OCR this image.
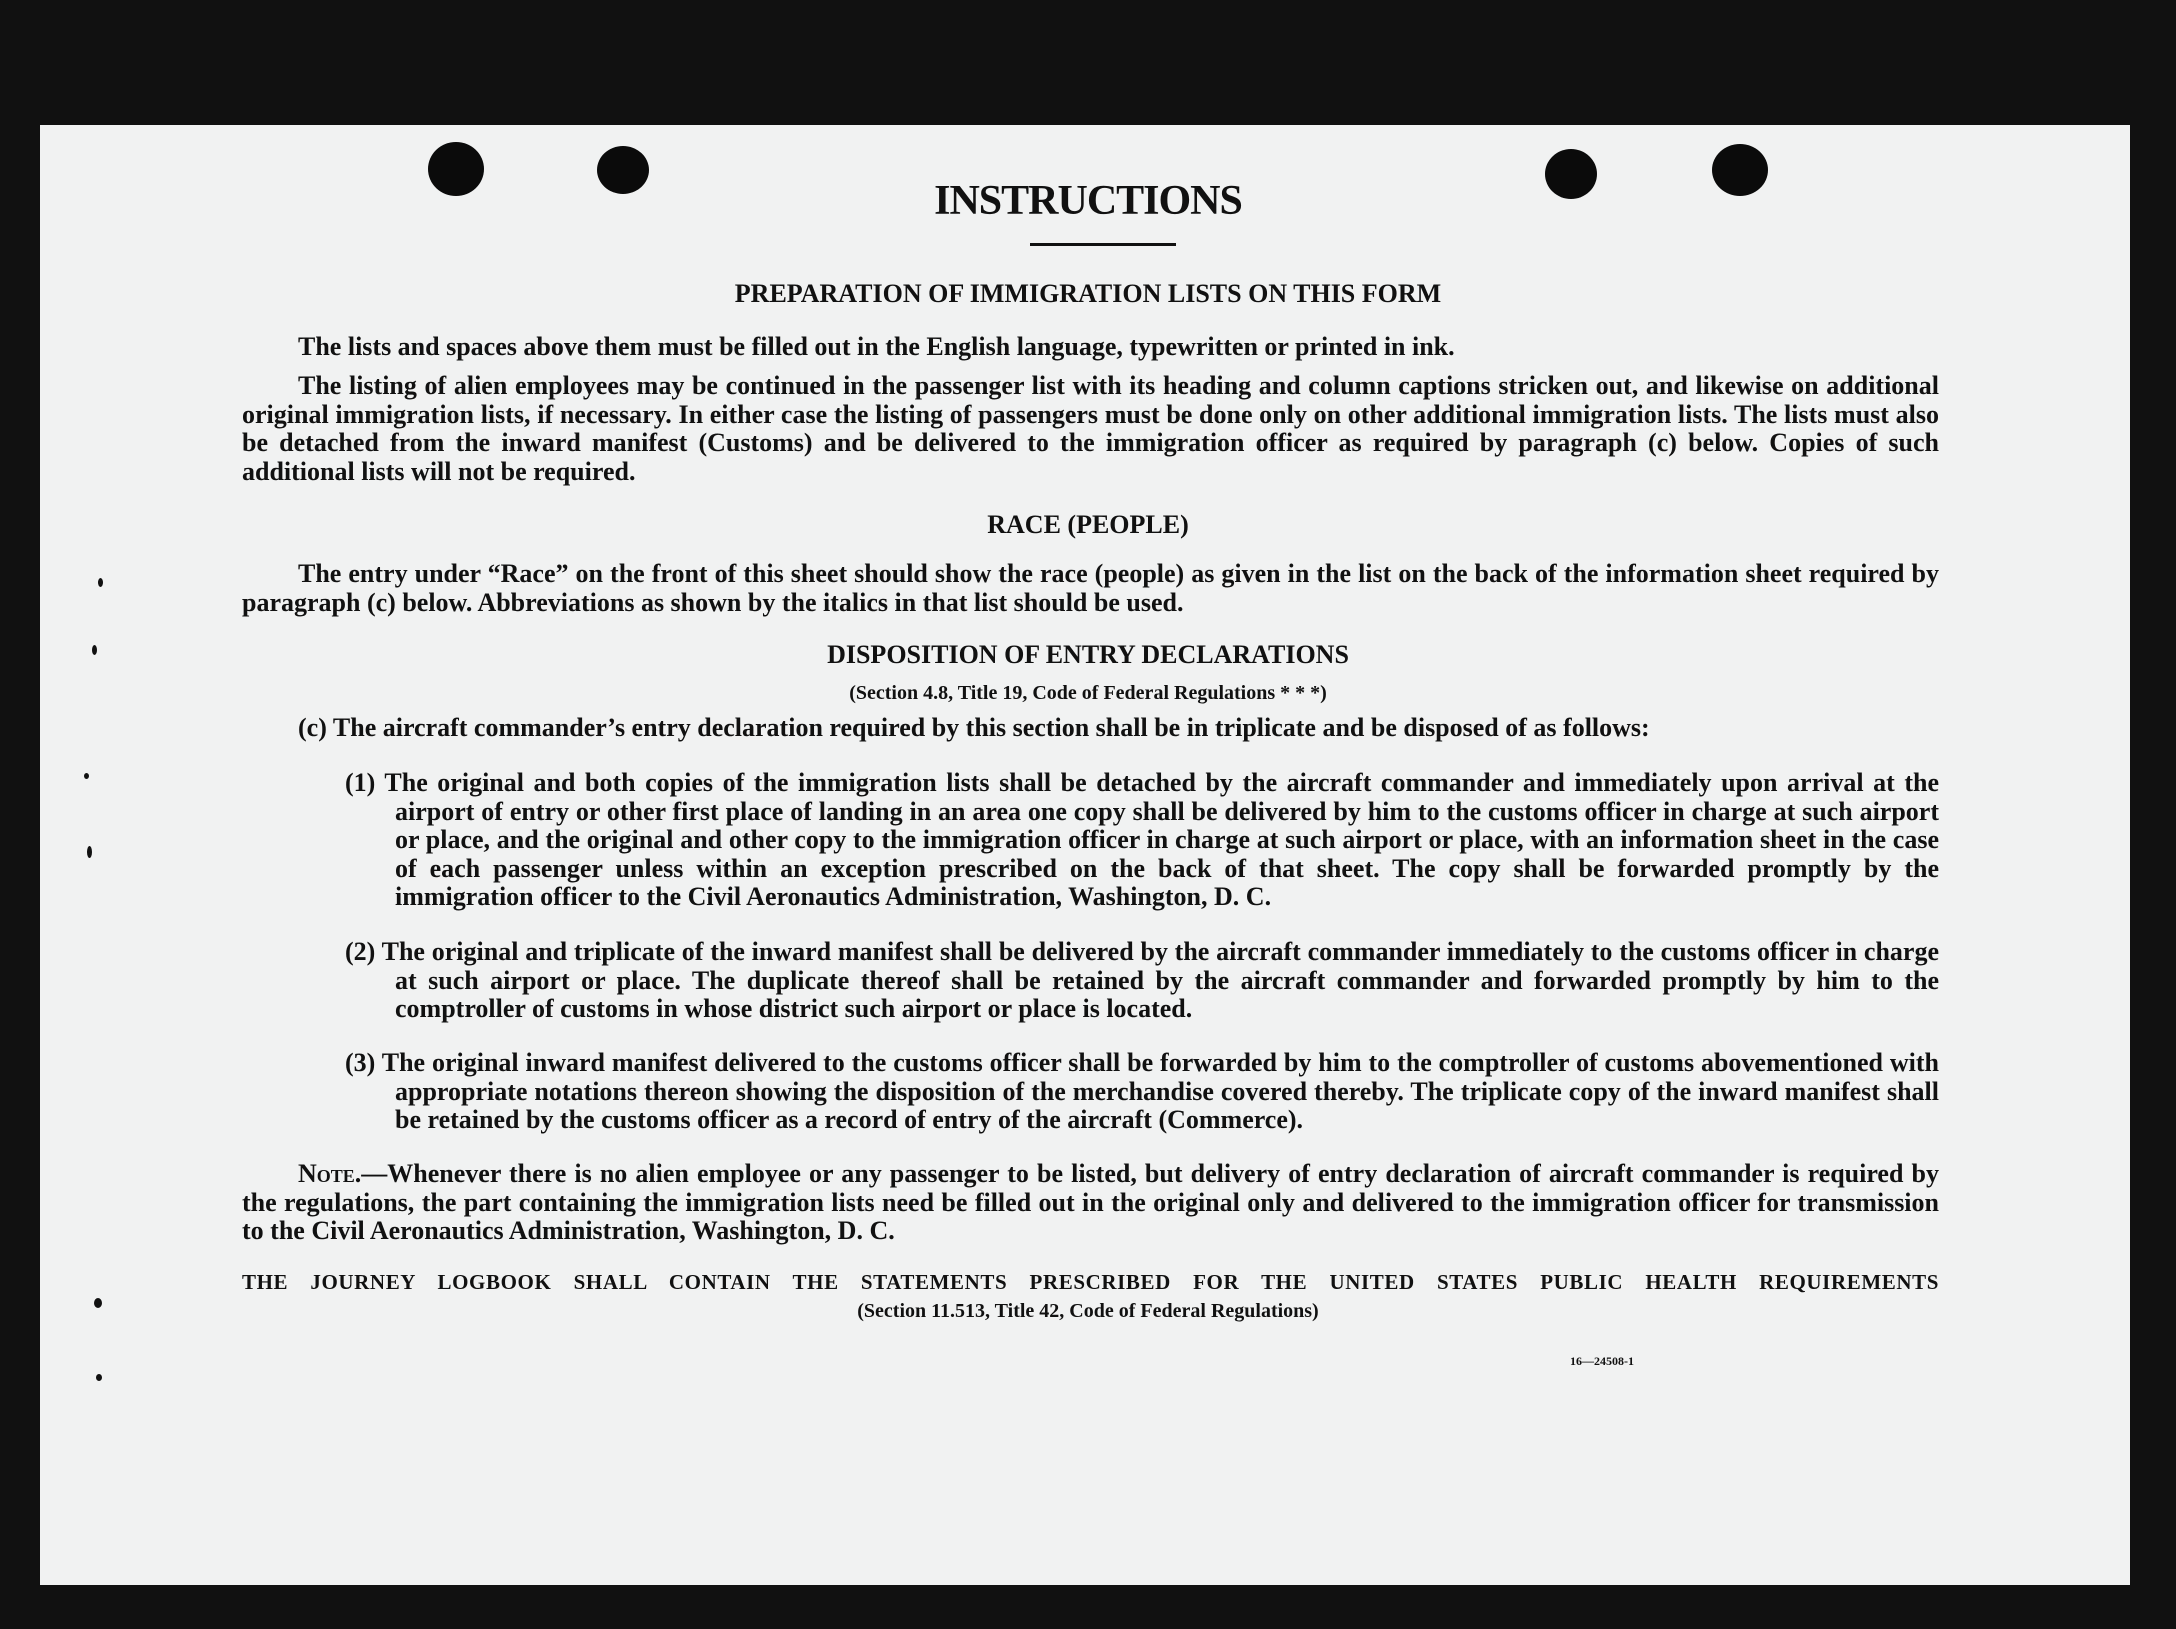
INSTRUCTIONS
PREPARATION OF IMMIGRATION LISTS ON THIS FORM
The lists and spaces above them must be filled out in the English language, typewritten or printed in ink.
The listing of alien employees may be continued in the passenger list with its heading and column captions stricken out, and likewise on additional original immigration lists, if necessary. In either case the listing of passengers must be done only on other additional immigration lists. The lists must also be detached from the inward manifest (Customs) and be delivered to the immigration officer as required by paragraph (c) below. Copies of such additional lists will not be required.
RACE (PEOPLE)
The entry under “Race” on the front of this sheet should show the race (people) as given in the list on the back of the information sheet required by paragraph (c) below. Abbreviations as shown by the italics in that list should be used.
DISPOSITION OF ENTRY DECLARATIONS
(Section 4.8, Title 19, Code of Federal Regulations * * *)
(c) The aircraft commander’s entry declaration required by this section shall be in triplicate and be disposed of as follows:
(1) The original and both copies of the immigration lists shall be detached by the aircraft commander and immediately upon arrival at the airport of entry or other first place of landing in an area one copy shall be delivered by him to the customs officer in charge at such airport or place, and the original and other copy to the immigration officer in charge at such airport or place, with an information sheet in the case of each passenger unless within an exception prescribed on the back of that sheet. The copy shall be forwarded promptly by the immigration officer to the Civil Aeronautics Administration, Washington, D. C.
(2) The original and triplicate of the inward manifest shall be delivered by the aircraft commander immediately to the customs officer in charge at such airport or place. The duplicate thereof shall be retained by the aircraft commander and forwarded promptly by him to the comptroller of customs in whose district such airport or place is located.
(3) The original inward manifest delivered to the customs officer shall be forwarded by him to the comptroller of customs abovementioned with appropriate notations thereon showing the disposition of the merchandise covered thereby. The triplicate copy of the inward manifest shall be retained by the customs officer as a record of entry of the aircraft (Commerce).
Note.—Whenever there is no alien employee or any passenger to be listed, but delivery of entry declaration of aircraft commander is required by the regulations, the part containing the immigration lists need be filled out in the original only and delivered to the immigration officer for transmission to the Civil Aeronautics Administration, Washington, D. C.
THE JOURNEY LOGBOOK SHALL CONTAIN THE STATEMENTS PRESCRIBED FOR THE UNITED STATES PUBLIC HEALTH REQUIREMENTS
(Section 11.513, Title 42, Code of Federal Regulations)
16—24508-1
